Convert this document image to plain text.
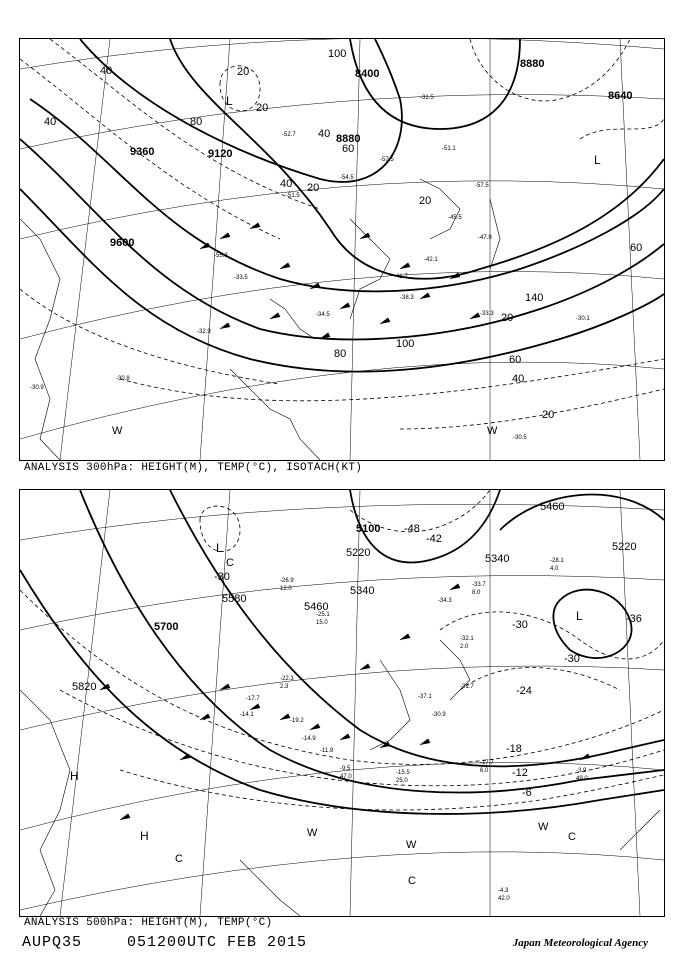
9360	9120
9600
8400
8880
8880
8640
40
40
20
80
100
20
40
60
20
40
20
140
20
100
80	60
40
20
60
-52.7
-54.5
-51.5
-57.5
-31.5
-55.3
-34.5
-33.5
-38.3
-32.9
-33.3
-30.9
-30.5
-57.5
-42.1
-47.9
-45.5
-41.7
-51.1
-30.1
-30.8
L
L
W	W
ANALYSIS 300hPa: HEIGHT(M), TEMP(°C), ISOTACH(KT)
5100
5220	5340
5460
5580
5700
5820
5460
5220
5340
-48
-42
-30	-36
-30
-24
-18
-12
-6
-30	-26.9
12.0
-25.1
15.0
-22.3
2.3
-17.7
-14.1
-19.2
-14.9
-11.9
-9.5
47.0
-15.5
25.0
-17.7
6.0	-3.9
49.0
-4.3
42.0
-33.7
8.0
-32.1
2.0
-34.3
-37.1
-30.9
-31.7
-28.1
4.0
L
L
C
H
H	W
W
W
C
C
C
ANALYSIS 500hPa: HEIGHT(M), TEMP(°C)
AUPQ35	051200UTC FEB 2015	Japan Meteorological Agency
